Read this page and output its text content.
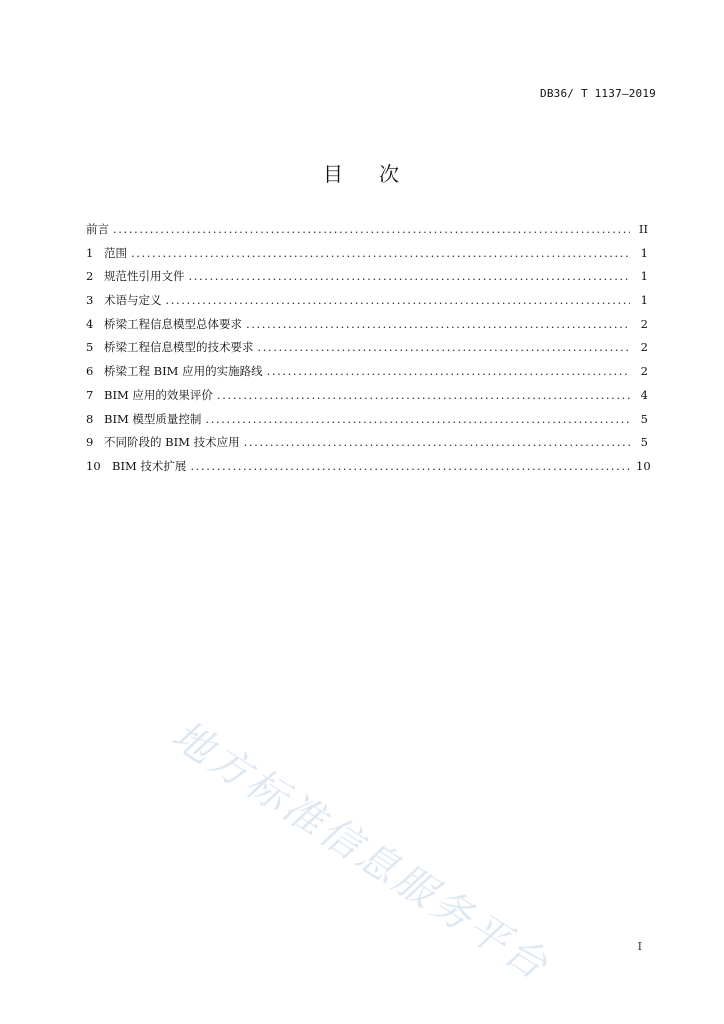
DB36/ T 1137—2019
目 次
前言 .....	II
1 范围 .....	1
2 规范性引用文件 .....	1
3 术语与定义 .....	1
4 桥梁工程信息模型总体要求 .....	2
5 桥梁工程信息模型的技术要求 .....	2
6 桥梁工程 BIM 应用的实施路线 .....	2
7 BIM 应用的效果评价 .....	4
8 BIM 模型质量控制 .....	5
9 不同阶段的 BIM 技术应用 .....	5
10 BIM 技术扩展 .....	10
地方标准信息服务平台	I
